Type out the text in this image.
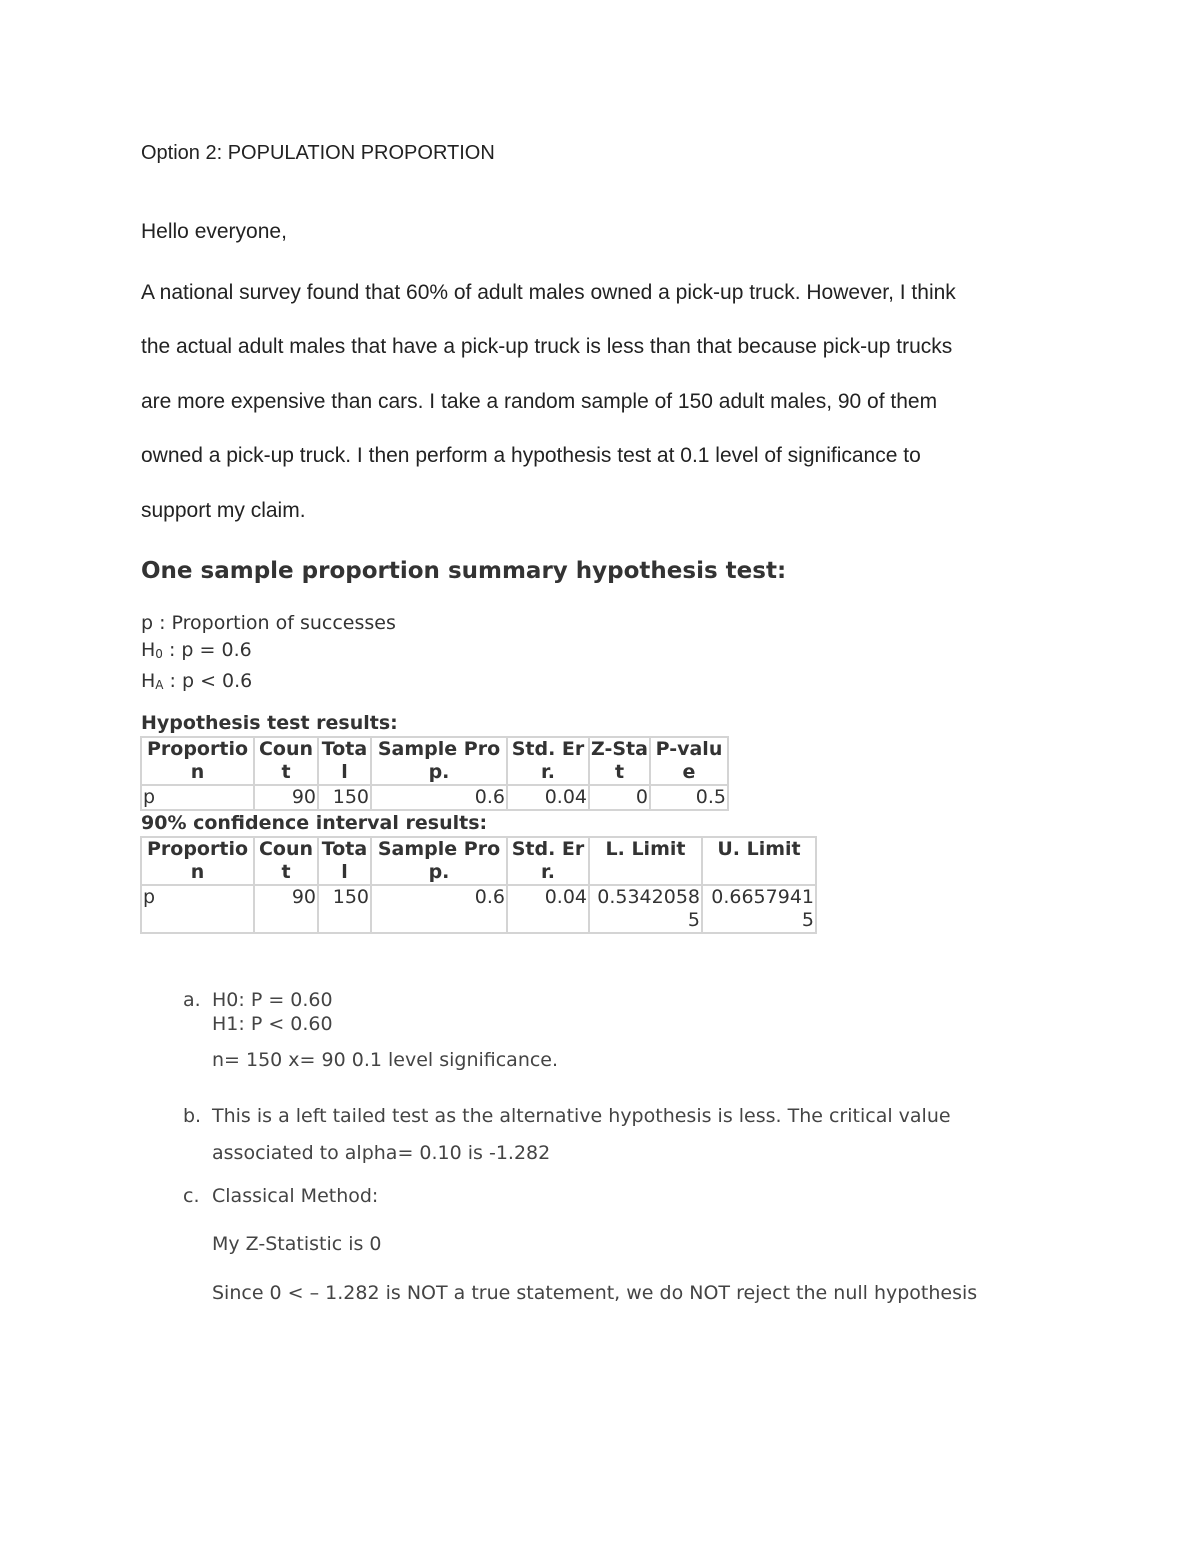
Option 2: POPULATION PROPORTION
Hello everyone,

A national survey found that 60% of adult males owned a pick-up truck. However, I think
the actual adult males that have a pick-up truck is less than that because pick-up trucks
are more expensive than cars. I take a random sample of 150 adult males, 90 of them
owned a pick-up truck. I then perform a hypothesis test at 0.1 level of significance to
support my claim.

One sample proportion summary hypothesis test:
p : Proportion of successes
$H_0$ : p = 0.6
$H_A$ : p < 0.6
Hypothesis test results:
Proportion	Count	Total	Sample Prop.	Std. Err.	Z-Stat	P-value
p	90	150	0.6	0.04	0	0.5
90% confidence interval results:
Proportion	Count	Total	Sample Prop.	Std. Err.	L. Limit	U. Limit
p	90	150	0.6	0.04	0.53420585	0.66579415
a. H0: P = 0.60
H1: P < 0.60
n= 150 x= 90 0.1 level significance.
b. This is a left tailed test as the alternative hypothesis is less. The critical value
associated to alpha= 0.10 is -1.282
c. Classical Method:
My Z-Statistic is 0
Since 0 < – 1.282 is NOT a true statement, we do NOT reject the null hypothesis
